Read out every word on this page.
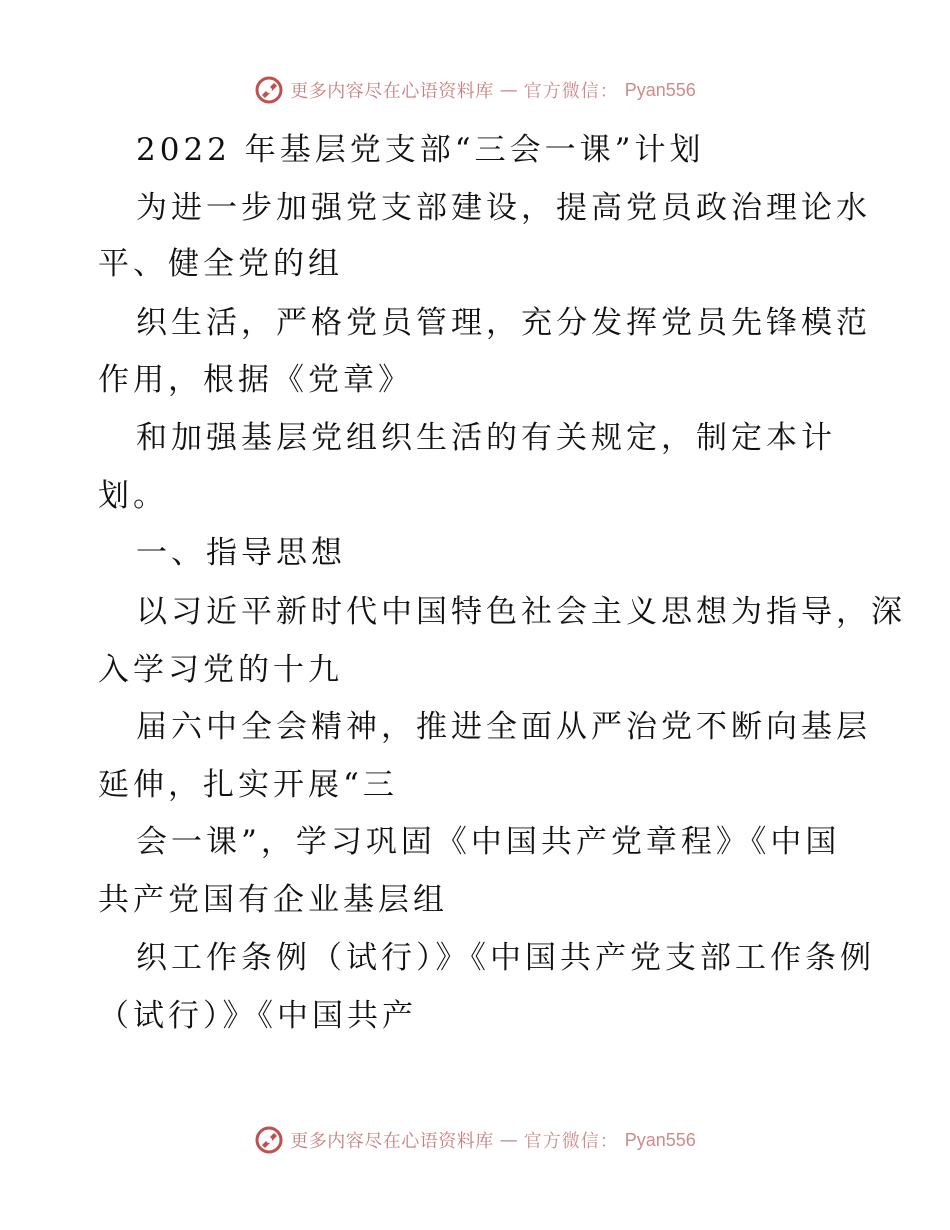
更多内容尽在心语资料库 — 官方微信： Pyan556
2022 年基层党支部“三会一课”计划
为进一步加强党支部建设，提高党员政治理论水
平、健全党的组
织生活，严格党员管理，充分发挥党员先锋模范
作用，根据《党章》
和加强基层党组织生活的有关规定，制定本计
划。
一、指导思想
以习近平新时代中国特色社会主义思想为指导，深
入学习党的十九
届六中全会精神，推进全面从严治党不断向基层
延伸，扎实开展“三
会一课”，学习巩固《中国共产党章程》《中国
共产党国有企业基层组
织工作条例（试行）》《中国共产党支部工作条例
（试行）》《中国共产
更多内容尽在心语资料库 — 官方微信： Pyan556
